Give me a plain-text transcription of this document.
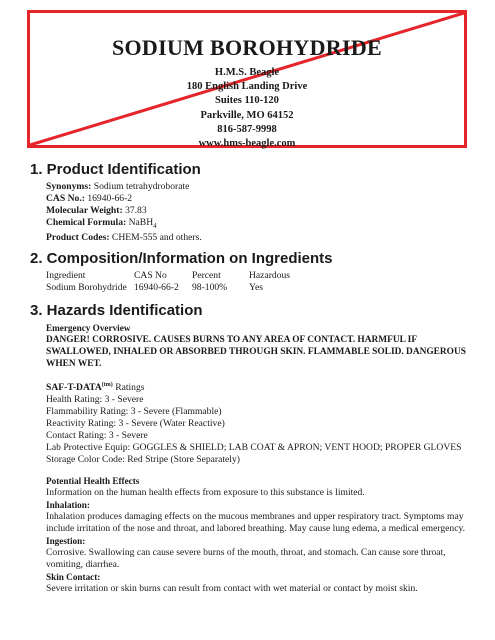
SODIUM BOROHYDRIDE
H.M.S. Beagle
180 English Landing Drive
Suites 110-120
Parkville, MO 64152
816-587-9998
www.hms-beagle.com
1. Product Identification
Synonyms: Sodium tetrahydroborate
CAS No.: 16940-66-2
Molecular Weight: 37.83
Chemical Formula: NaBH$_4$
Product Codes: CHEM-555 and others.
2. Composition/Information on Ingredients
Ingredient	CAS No	Percent	Hazardous
Sodium Borohydride	16940-66-2	98-100%	Yes
3. Hazards Identification
Emergency Overview
DANGER! CORROSIVE. CAUSES BURNS TO ANY AREA OF CONTACT. HARMFUL IF SWALLOWED, INHALED OR ABSORBED THROUGH SKIN. FLAMMABLE SOLID. DANGEROUS WHEN WET.
SAF-$T-DATA^{(tm)}$ Ratings
Health Rating: 3 - Severe
Flammability Rating: 3 - Severe (Flammable)
Reactivity Rating: 3 - Severe (Water Reactive)
Contact Rating: 3 - Severe
Lab Protective Equip: GOGGLES & SHIELD; LAB COAT & APRON; VENT HOOD; PROPER GLOVES
Storage Color Code: Red Stripe (Store Separately)
Potential Health Effects
Information on the human health effects from exposure to this substance is limited.
Inhalation:
Inhalation produces damaging effects on the mucous membranes and upper respiratory tract. Symptoms may include irritation of the nose and throat, and labored breathing. May cause lung edema, a medical emergency.
Ingestion:
Corrosive. Swallowing can cause severe burns of the mouth, throat, and stomach. Can cause sore throat, vomiting, diarrhea.
Skin Contact:
Severe irritation or skin burns can result from contact with wet material or contact by moist skin.
